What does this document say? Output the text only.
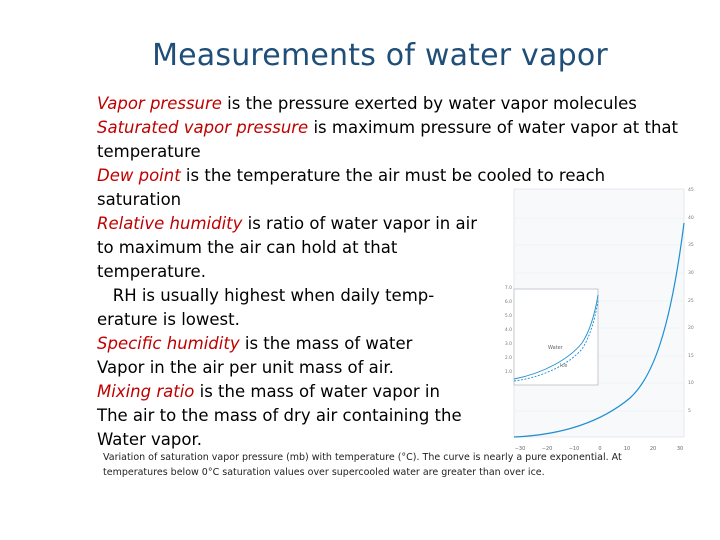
Measurements of water vapor
Vapor pressure is the pressure exerted by water vapor molecules
Saturated vapor pressure is maximum pressure of water vapor at that
temperature
Dew point is the temperature the air must be cooled to reach
saturation
Relative humidity is ratio of water vapor in air
to maximum the air can hold at that
temperature.
RH is usually highest when daily temp-
erature is lowest.
Specific humidity is the mass of water
Vapor in the air per unit mass of air.
Mixing ratio is the mass of water vapor in
The air to the mass of dry air containing the
Water vapor.
Water
Ice
7.0
6.0
5.0
4.0
3.0
2.0
1.0
45
40
35
30
25
20
15
10
5
−30	−20	−10	0	10	20	30
Variation of saturation vapor pressure (mb) with temperature (°C). The curve is nearly a pure exponential. At
temperatures below 0°C saturation values over supercooled water are greater than over ice.
